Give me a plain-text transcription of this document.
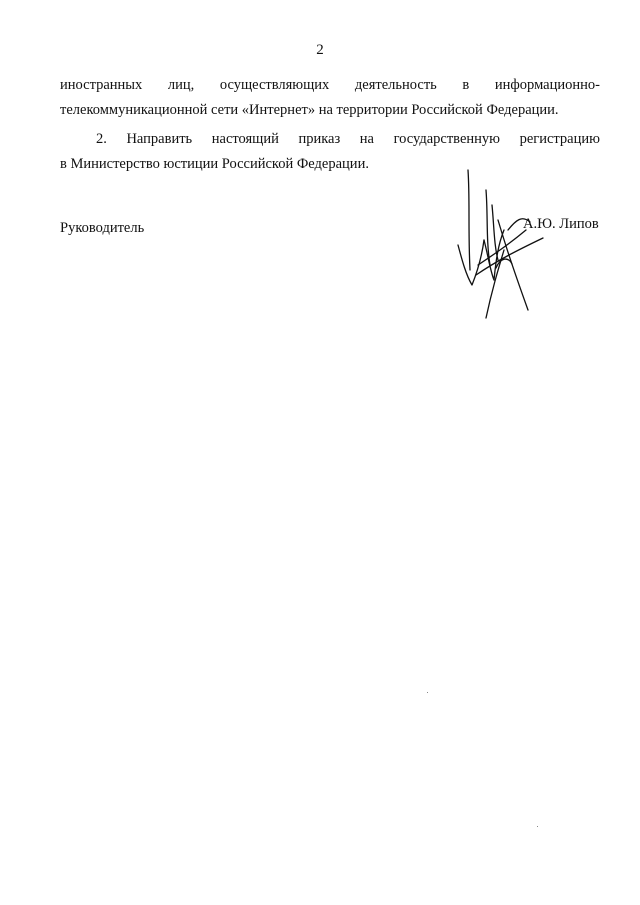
2
иностранных лиц, осуществляющих деятельность в информационно-
телекоммуникационной сети «Интернет» на территории Российской Федерации.
2. Направить настоящий приказ на государственную регистрацию
в Министерство юстиции Российской Федерации.
Руководитель	А.Ю. Липов
